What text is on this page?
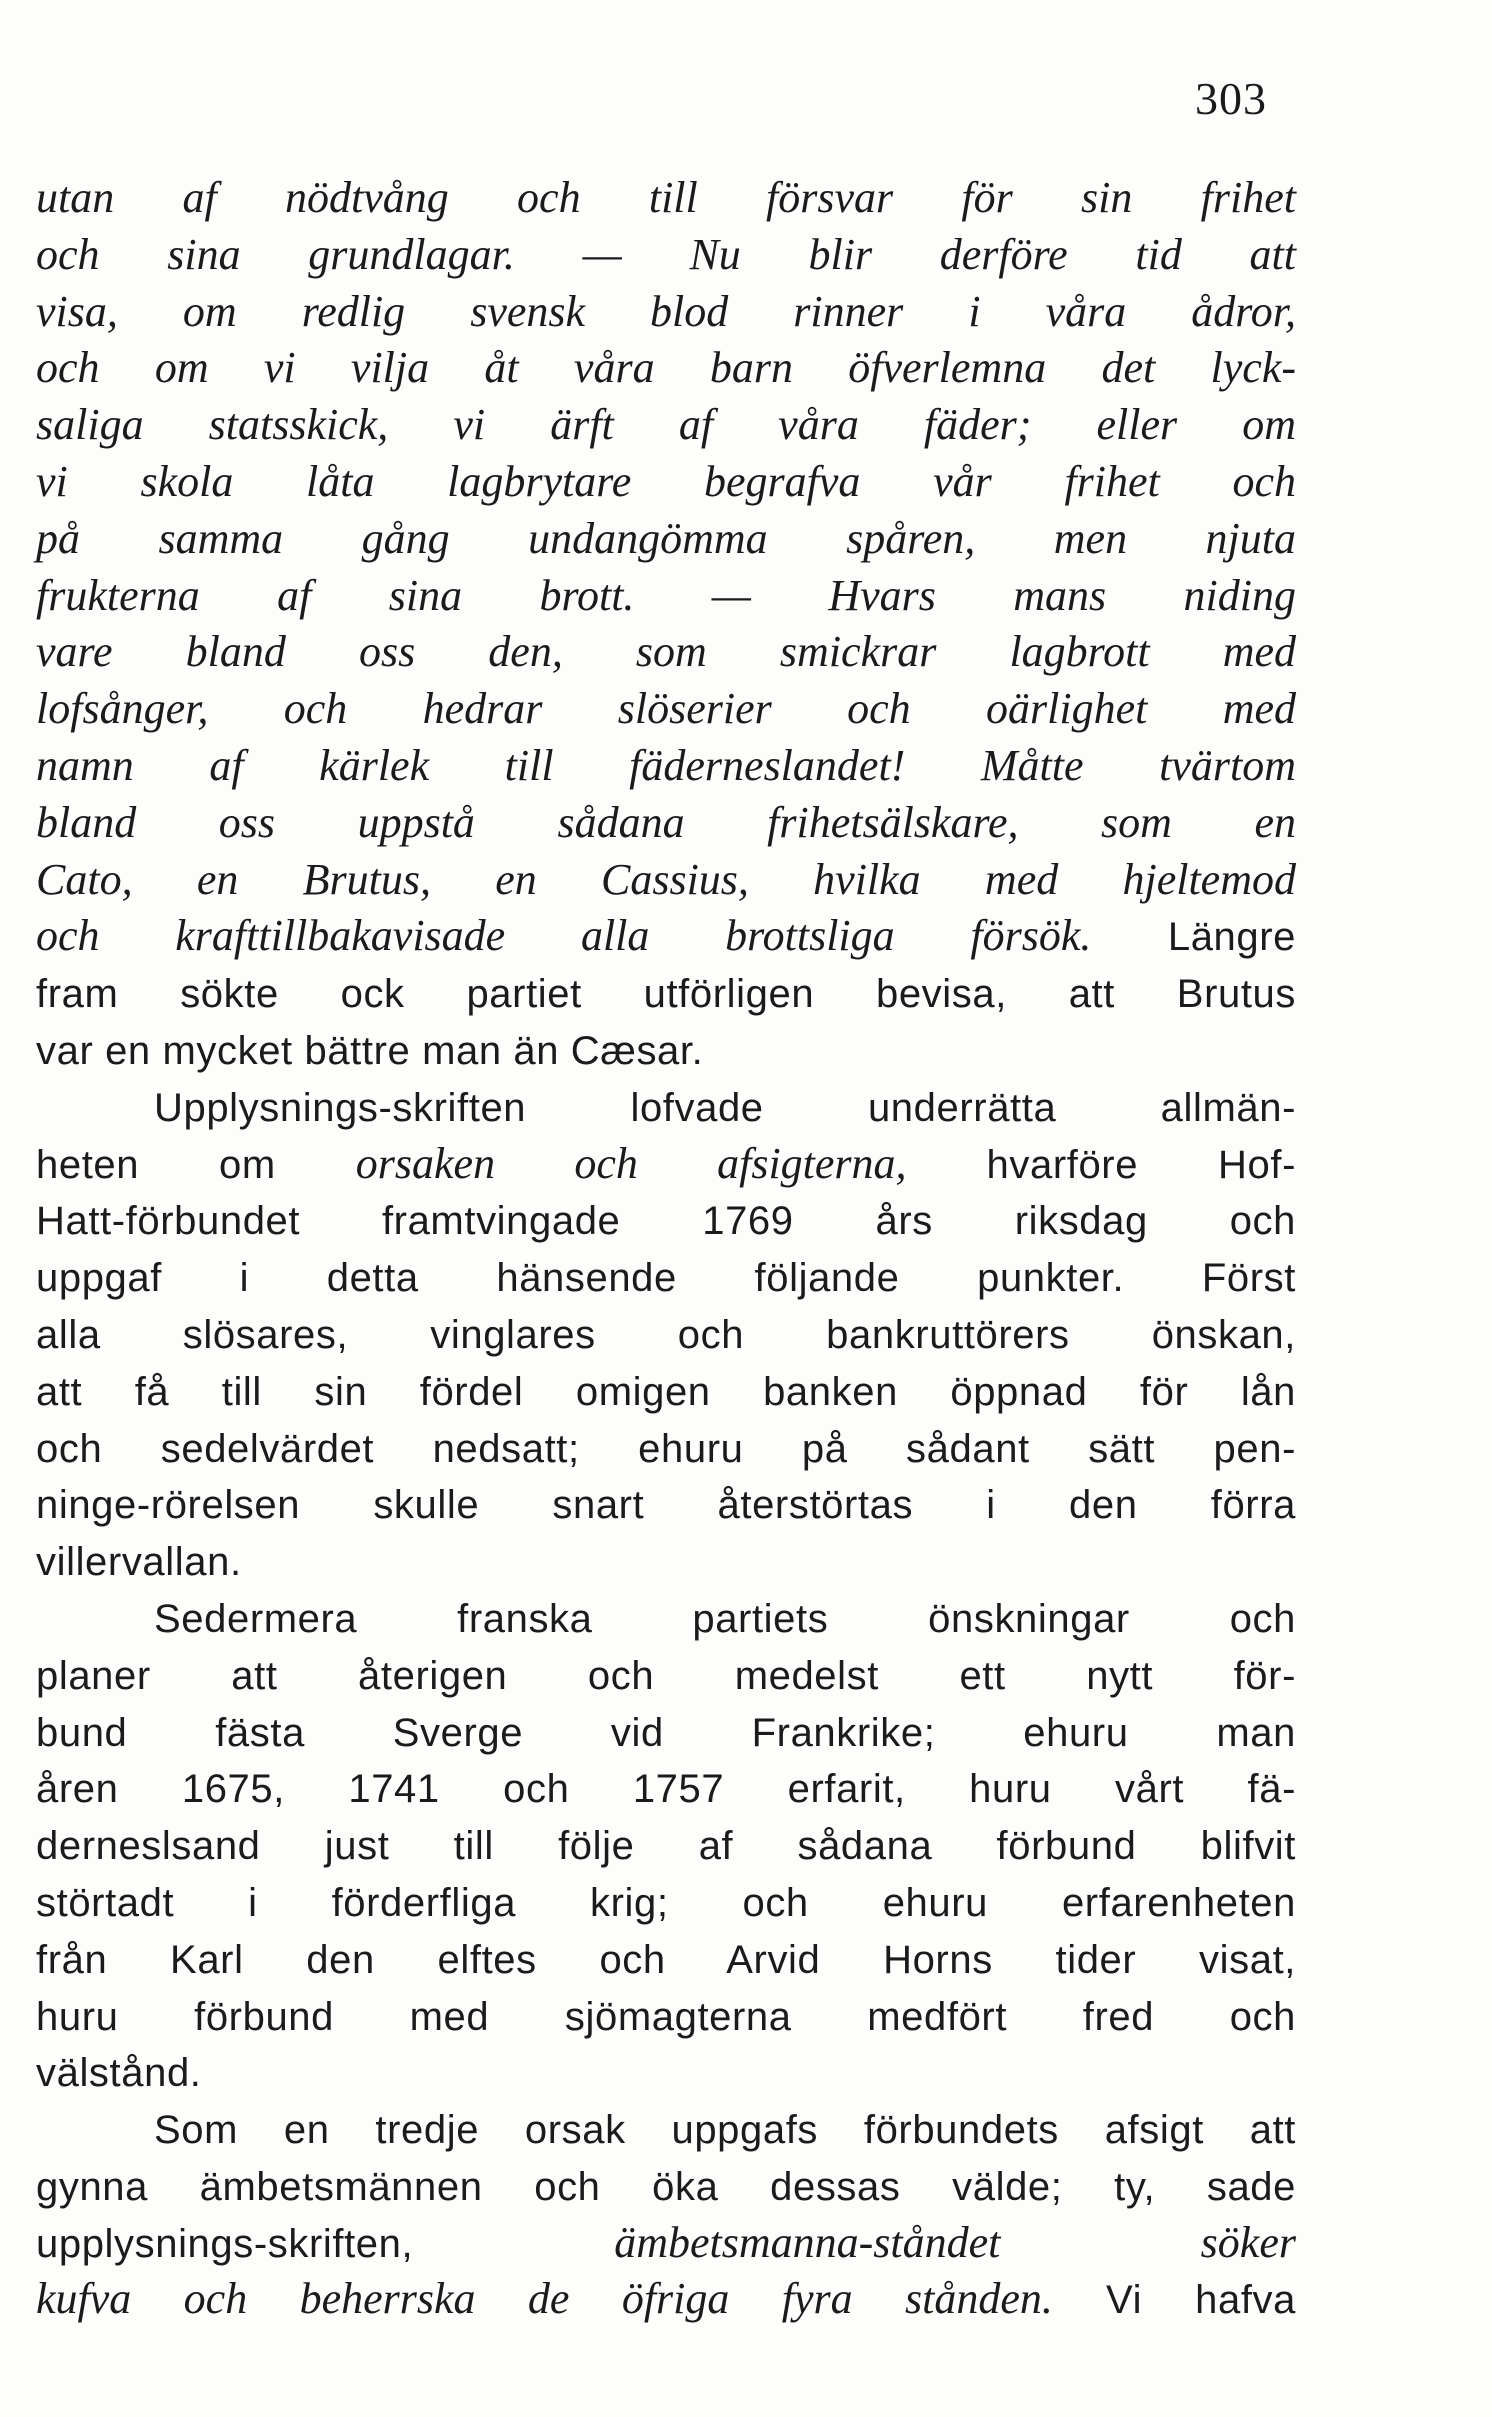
303
utan af nödtvång och till försvar för sin frihet
och sina grundlagar. — Nu blir derföre tid att
visa, om redlig svensk blod rinner i våra ådror,
och om vi vilja åt våra barn öfverlemna det lyck-
saliga statsskick, vi ärft af våra fäder; eller om
vi skola låta lagbrytare begrafva vår frihet och
på samma gång undangömma spåren, men njuta
frukterna af sina brott. — Hvars mans niding
vare bland oss den, som smickrar lagbrott med
lofsånger, och hedrar slöserier och oärlighet med
namn af kärlek till fäderneslandet! Måtte tvärtom
bland oss uppstå sådana frihetsälskare, som en
Cato, en Brutus, en Cassius, hvilka med hjeltemod
och krafttillbakavisade alla brottsliga försök. Längre
fram sökte ock partiet utförligen bevisa, att Brutus
var en mycket bättre man än Cæsar.
Upplysnings-skriften lofvade underrätta allmän-
heten om orsaken och afsigterna, hvarföre Hof-
Hatt-förbundet framtvingade 1769 års riksdag och
uppgaf i detta hänsende följande punkter. Först
alla slösares, vinglares och bankruttörers önskan,
att få till sin fördel omigen banken öppnad för lån
och sedelvärdet nedsatt; ehuru på sådant sätt pen-
ninge-rörelsen skulle snart återstörtas i den förra
villervallan.
Sedermera franska partiets önskningar och
planer att återigen och medelst ett nytt för-
bund fästa Sverge vid Frankrike; ehuru man
åren 1675, 1741 och 1757 erfarit, huru vårt fä-
derneslsand just till följe af sådana förbund blifvit
störtadt i förderfliga krig; och ehuru erfarenheten
från Karl den elftes och Arvid Horns tider visat,
huru förbund med sjömagterna medfört fred och
välstånd.
Som en tredje orsak uppgafs förbundets afsigt att
gynna ämbetsmännen och öka dessas välde; ty, sade
upplysnings-skriften, ämbetsmanna-ståndet söker
kufva och beherrska de öfriga fyra stånden. Vi hafva
